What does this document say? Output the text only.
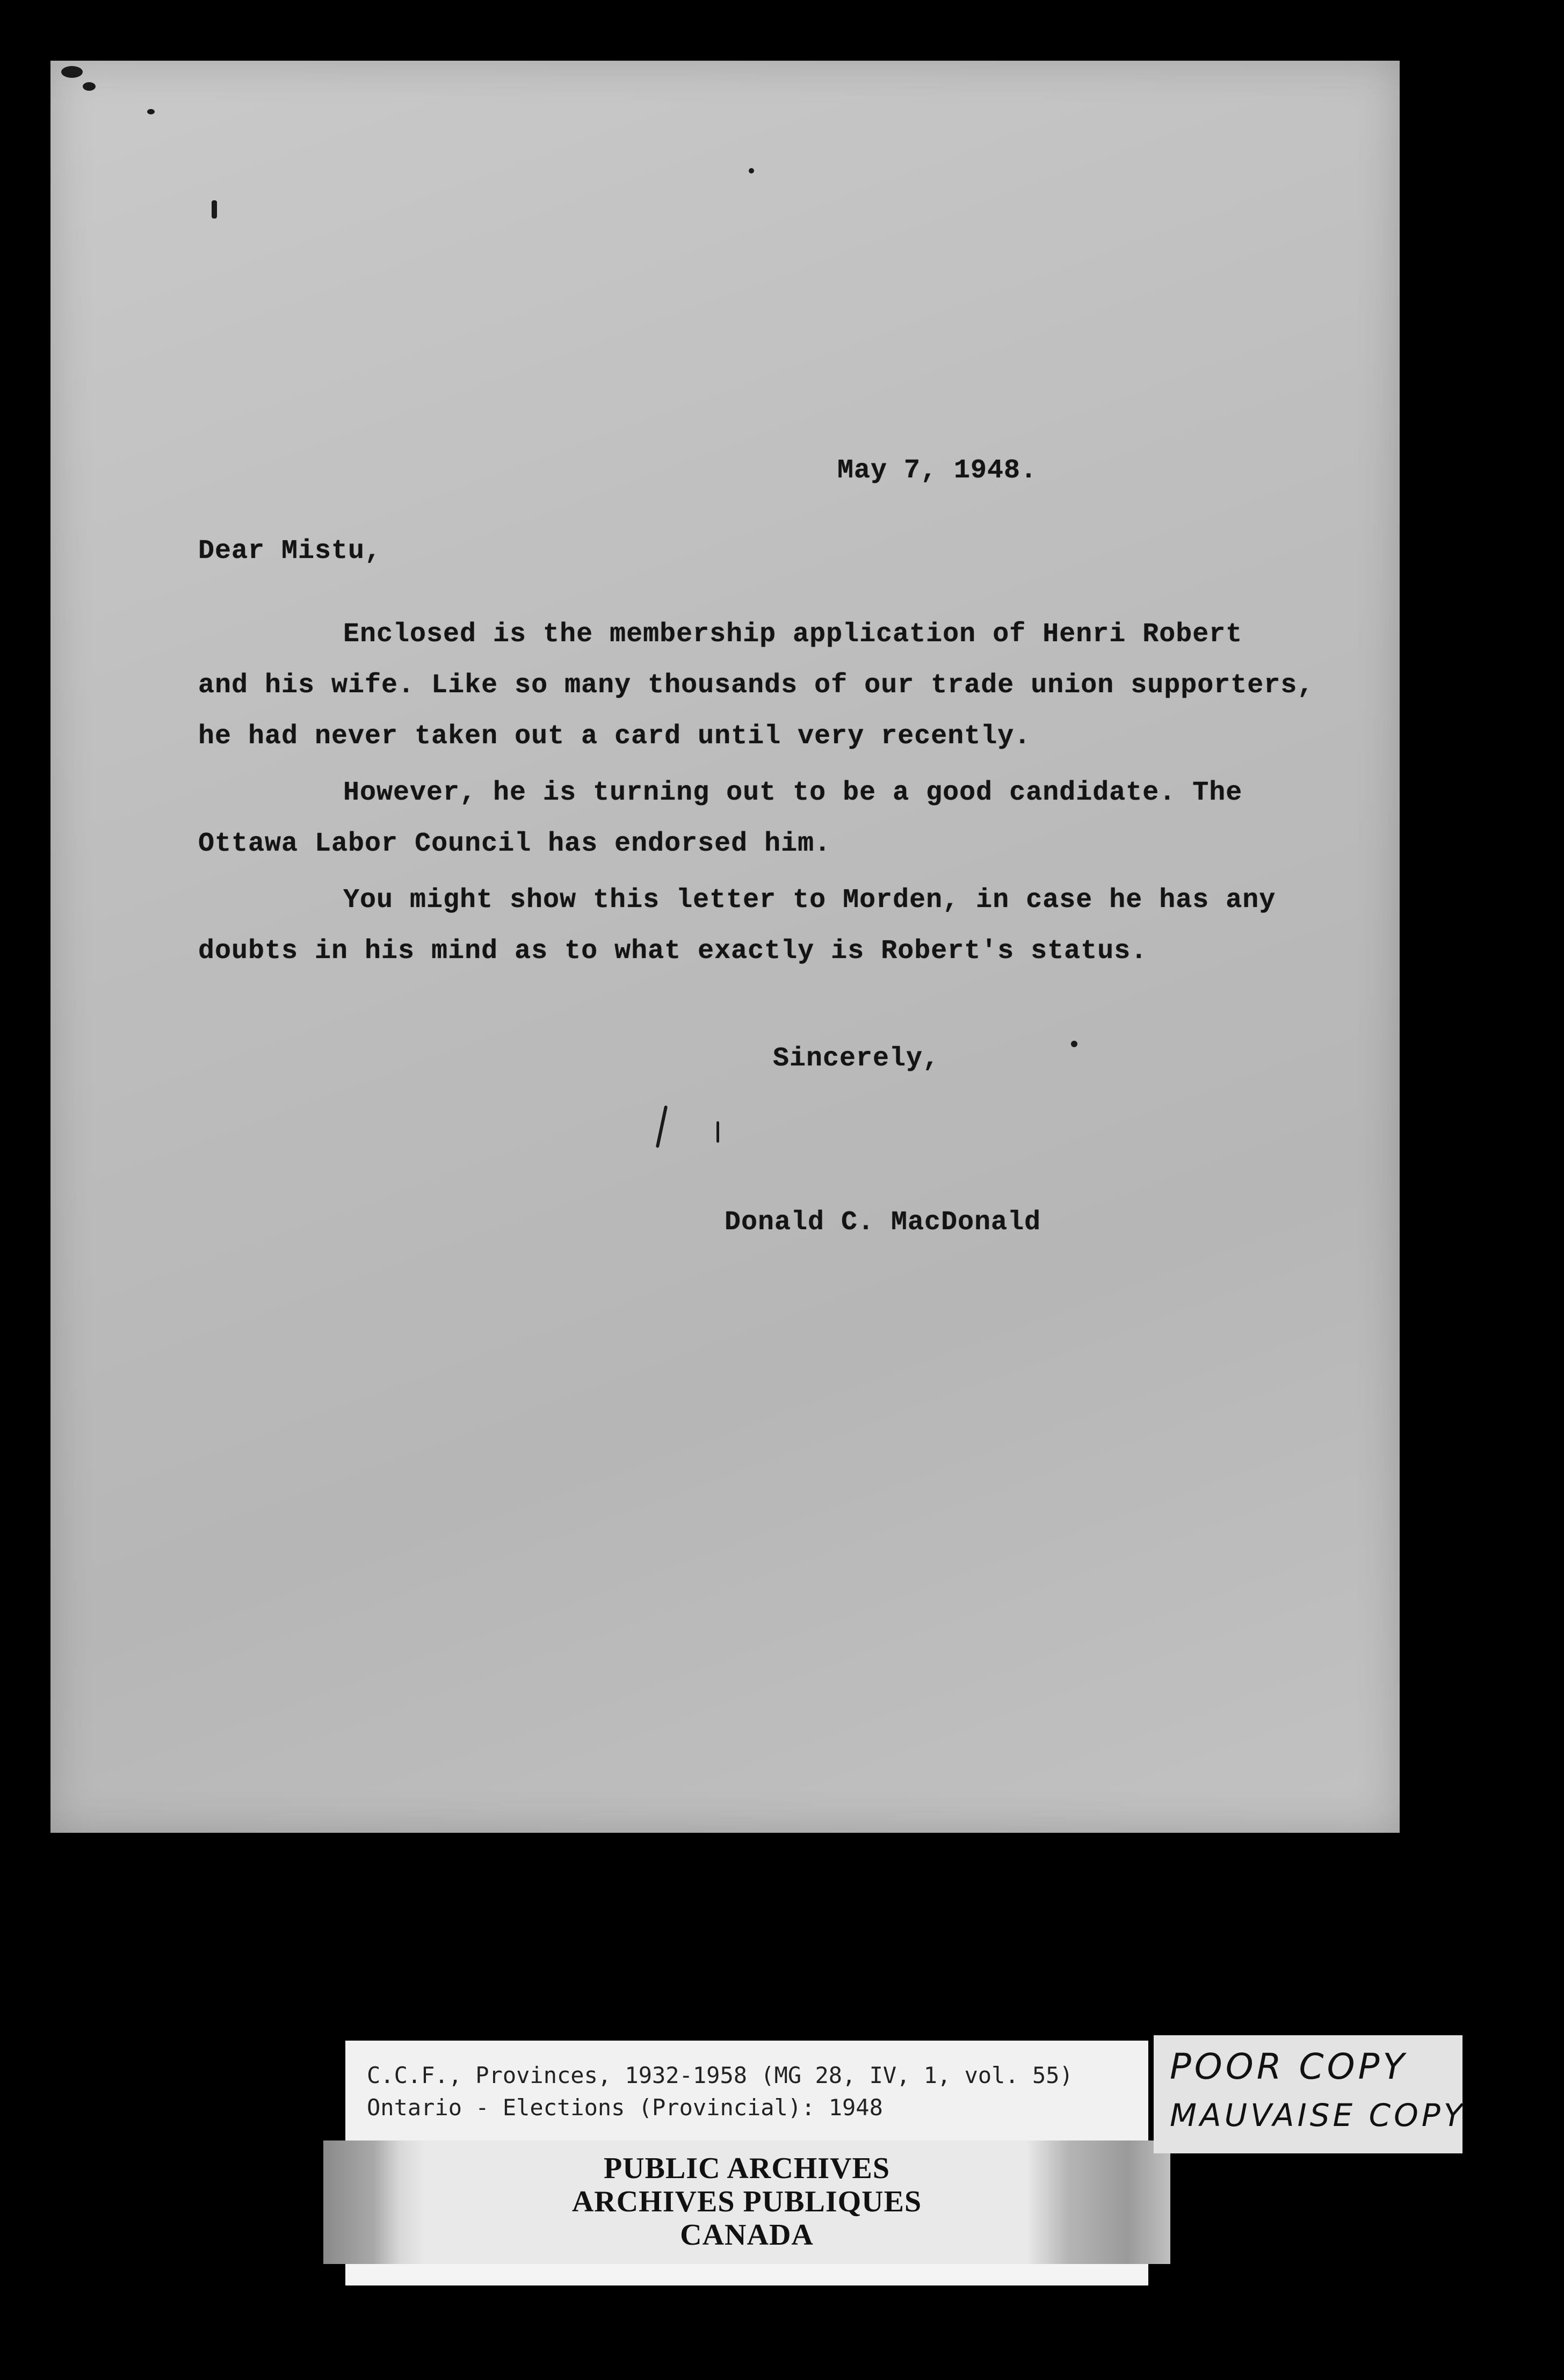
May 7, 1948.
Dear Mistu,
Enclosed is the membership application of Henri Robert
and his wife. Like so many thousands of our trade union supporters,
he had never taken out a card until very recently.
However, he is turning out to be a good candidate. The
Ottawa Labor Council has endorsed him.
You might show this letter to Morden, in case he has any
doubts in his mind as to what exactly is Robert's status.
Sincerely,
Donald C. MacDonald
C.C.F., Provinces, 1932-1958 (MG 28, IV, 1, vol. 55)
Ontario - Elections (Provincial): 1948
PUBLIC ARCHIVES
ARCHIVES PUBLIQUES
CANADA
POOR COPY
MAUVAISE COPY
